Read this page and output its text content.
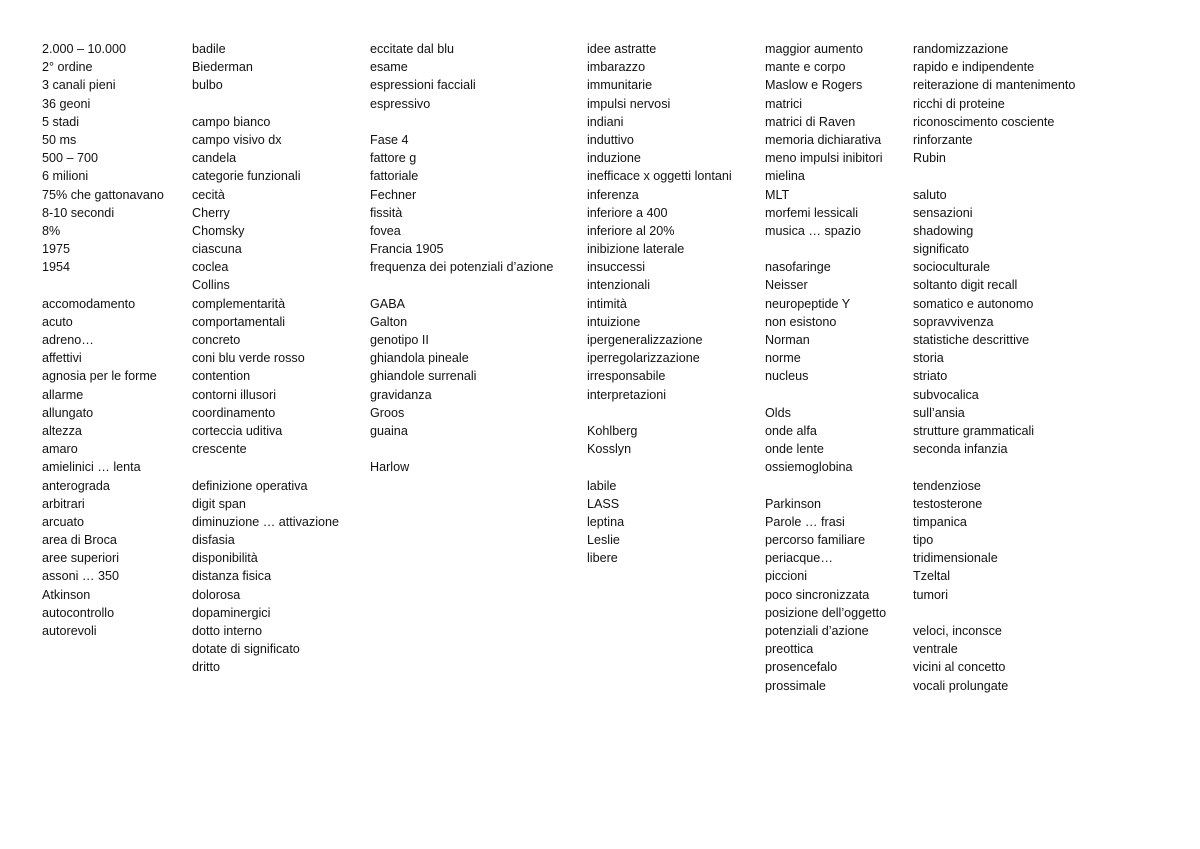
2.000 – 10.000
2° ordine
3 canali pieni
36 geoni
5 stadi
50 ms
500 – 700
6 milioni
75% che gattonavano
8-10 secondi
8%
1975
1954
accomodamento
acuto
adreno…
affettivi
agnosia per le forme
allarme
allungato
altezza
amaro
amielinici … lenta
anterograda
arbitrari
arcuato
area di Broca
aree superiori
assoni … 350
Atkinson
autocontrollo
autorevoli
badile
Biederman
bulbo
campo bianco
campo visivo dx
candela
categorie funzionali
cecità
Cherry
Chomsky
ciascuna
coclea
Collins
complementarità
comportamentali
concreto
coni blu verde rosso
contention
contorni illusori
coordinamento
corteccia uditiva
crescente
definizione operativa
digit span
diminuzione … attivazione
disfasia
disponibilità
distanza fisica
dolorosa
dopaminergici
dotto interno
dotate di significato
dritto
eccitate dal blu
esame
espressioni facciali
espressivo
Fase 4
fattore g
fattoriale
Fechner
fissità
fovea
Francia 1905
frequenza dei potenziali d’azione
GABA
Galton
genotipo II
ghiandola pineale
ghiandole surrenali
gravidanza
Groos
guaina
Harlow
idee astratte
imbarazzo
immunitarie
impulsi nervosi
indiani
induttivo
induzione
inefficace x oggetti lontani
inferenza
inferiore a 400
inferiore al 20%
inibizione laterale
insuccessi
intenzionali
intimità
intuizione
ipergeneralizzazione
iperregolarizzazione
irresponsabile
interpretazioni
Kohlberg
Kosslyn
labile
LASS
leptina
Leslie
libere
maggior aumento
mante e corpo
Maslow e Rogers
matrici
matrici di Raven
memoria dichiarativa
meno impulsi inibitori
mielina
MLT
morfemi lessicali
musica … spazio
nasofaringe
Neisser
neuropeptide Y
non esistono
Norman
norme
nucleus
Olds
onde alfa
onde lente
ossiemoglobina
Parkinson
Parole … frasi
percorso familiare
periacque…
piccioni
poco sincronizzata
posizione dell’oggetto
potenziali d’azione
preottica
prosencefalo
prossimale
randomizzazione
rapido e indipendente
reiterazione di mantenimento
ricchi di proteine
riconoscimento cosciente
rinforzante
Rubin
saluto
sensazioni
shadowing
significato
socioculturale
soltanto digit recall
somatico e autonomo
sopravvivenza
statistiche descrittive
storia
striato
subvocalica
sull’ansia
strutture grammaticali
seconda infanzia
tendenziose
testosterone
timpanica
tipo
tridimensionale
Tzeltal
tumori
veloci, inconsce
ventrale
vicini al concetto
vocali prolungate
